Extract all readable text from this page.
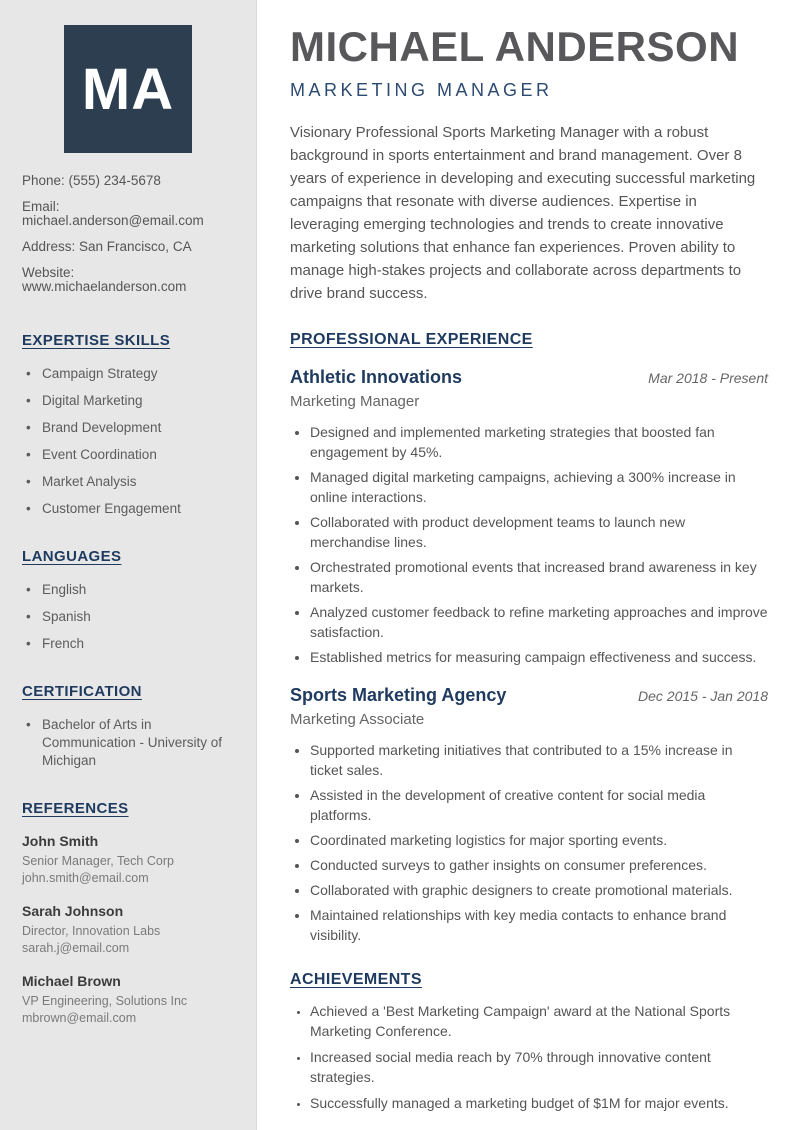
MA
Phone: (555) 234-5678
Email: michael.anderson@email.com
Address: San Francisco, CA
Website: www.michaelanderson.com
EXPERTISE SKILLS
• Campaign Strategy
• Digital Marketing
• Brand Development
• Event Coordination
• Market Analysis
• Customer Engagement
LANGUAGES
• English
• Spanish
• French
CERTIFICATION
• Bachelor of Arts in Communication - University of Michigan
REFERENCES
John Smith
Senior Manager, Tech Corp
john.smith@email.com
Sarah Johnson
Director, Innovation Labs
sarah.j@email.com
Michael Brown
VP Engineering, Solutions Inc
mbrown@email.com
MICHAEL ANDERSON
MARKETING MANAGER

Visionary Professional Sports Marketing Manager with a robust background in sports entertainment and brand management. Over 8 years of experience in developing and executing successful marketing campaigns that resonate with diverse audiences. Expertise in leveraging emerging technologies and trends to create innovative marketing solutions that enhance fan experiences. Proven ability to manage high-stakes projects and collaborate across departments to drive brand success.

PROFESSIONAL EXPERIENCE
Athletic Innovations	Mar 2018 - Present
Marketing Manager
• Designed and implemented marketing strategies that boosted fan engagement by 45%.
• Managed digital marketing campaigns, achieving a 300% increase in online interactions.
• Collaborated with product development teams to launch new merchandise lines.
• Orchestrated promotional events that increased brand awareness in key markets.
• Analyzed customer feedback to refine marketing approaches and improve satisfaction.
• Established metrics for measuring campaign effectiveness and success.
Sports Marketing Agency	Dec 2015 - Jan 2018
Marketing Associate
• Supported marketing initiatives that contributed to a 15% increase in ticket sales.
• Assisted in the development of creative content for social media platforms.
• Coordinated marketing logistics for major sporting events.
• Conducted surveys to gather insights on consumer preferences.
• Collaborated with graphic designers to create promotional materials.
• Maintained relationships with key media contacts to enhance brand visibility.
ACHIEVEMENTS
• Achieved a 'Best Marketing Campaign' award at the National Sports Marketing Conference.
• Increased social media reach by 70% through innovative content strategies.
• Successfully managed a marketing budget of $1M for major events.
